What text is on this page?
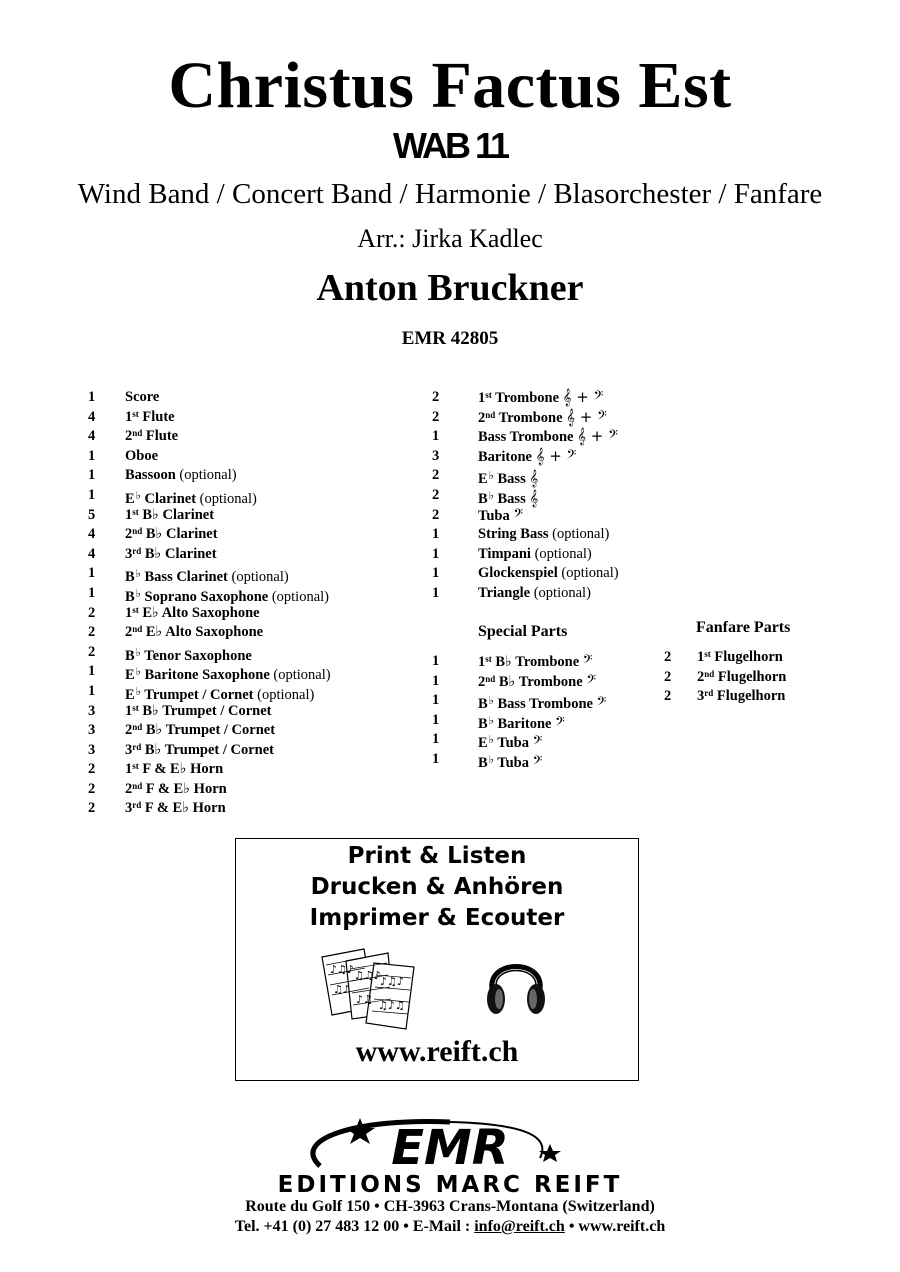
Christus Factus Est
WAB 11
Wind Band / Concert Band / Harmonie / Blasorchester / Fanfare
Arr.: Jirka Kadlec
Anton Bruckner
EMR 42805
1 Score
4 1st Flute
4 2nd Flute
1 Oboe
1 Bassoon (optional)
1 E♭ Clarinet (optional)
5 1st B♭ Clarinet
4 2nd B♭ Clarinet
4 3rd B♭ Clarinet
1 B♭ Bass Clarinet (optional)
1 B♭ Soprano Saxophone (optional)
2 1st E♭ Alto Saxophone
2 2nd E♭ Alto Saxophone
2 B♭ Tenor Saxophone
1 E♭ Baritone Saxophone (optional)
1 E♭ Trumpet / Cornet (optional)
3 1st B♭ Trumpet / Cornet
3 2nd B♭ Trumpet / Cornet
3 3rd B♭ Trumpet / Cornet
2 1st F & E♭ Horn
2 2nd F & E♭ Horn
2 3rd F & E♭ Horn
2	1st Trombone 𝄞 + 𝄢
2	2nd Trombone 𝄞 + 𝄢
1	Bass Trombone 𝄞 + 𝄢
3	Baritone 𝄞 + 𝄢
2	E♭ Bass 𝄞
2	B♭ Bass 𝄞
2	Tuba 𝄢
1	String Bass (optional)
1	Timpani (optional)
1	Glockenspiel (optional)
1	Triangle (optional)
Special Parts
1	1st B♭ Trombone 𝄢
1	2nd B♭ Trombone 𝄢
1	B♭ Bass Trombone 𝄢
1	B♭ Baritone 𝄢
1	E♭ Tuba 𝄢
1	B♭ Tuba 𝄢
Fanfare Parts
2 1st Flugelhorn
2 2nd Flugelhorn
2 3rd Flugelhorn
Print & Listen
Drucken & Anhören
Imprimer & Ecouter
♪♫♪
♫♪
♫♫♪
♪♫
♪♫♪
♫♪♫
www.reift.ch
EMR
EDITIONS MARC REIFT
Route du Golf 150 • CH-3963 Crans-Montana (Switzerland)
Tel. +41 (0) 27 483 12 00 • E-Mail : info@reift.ch • www.reift.ch
